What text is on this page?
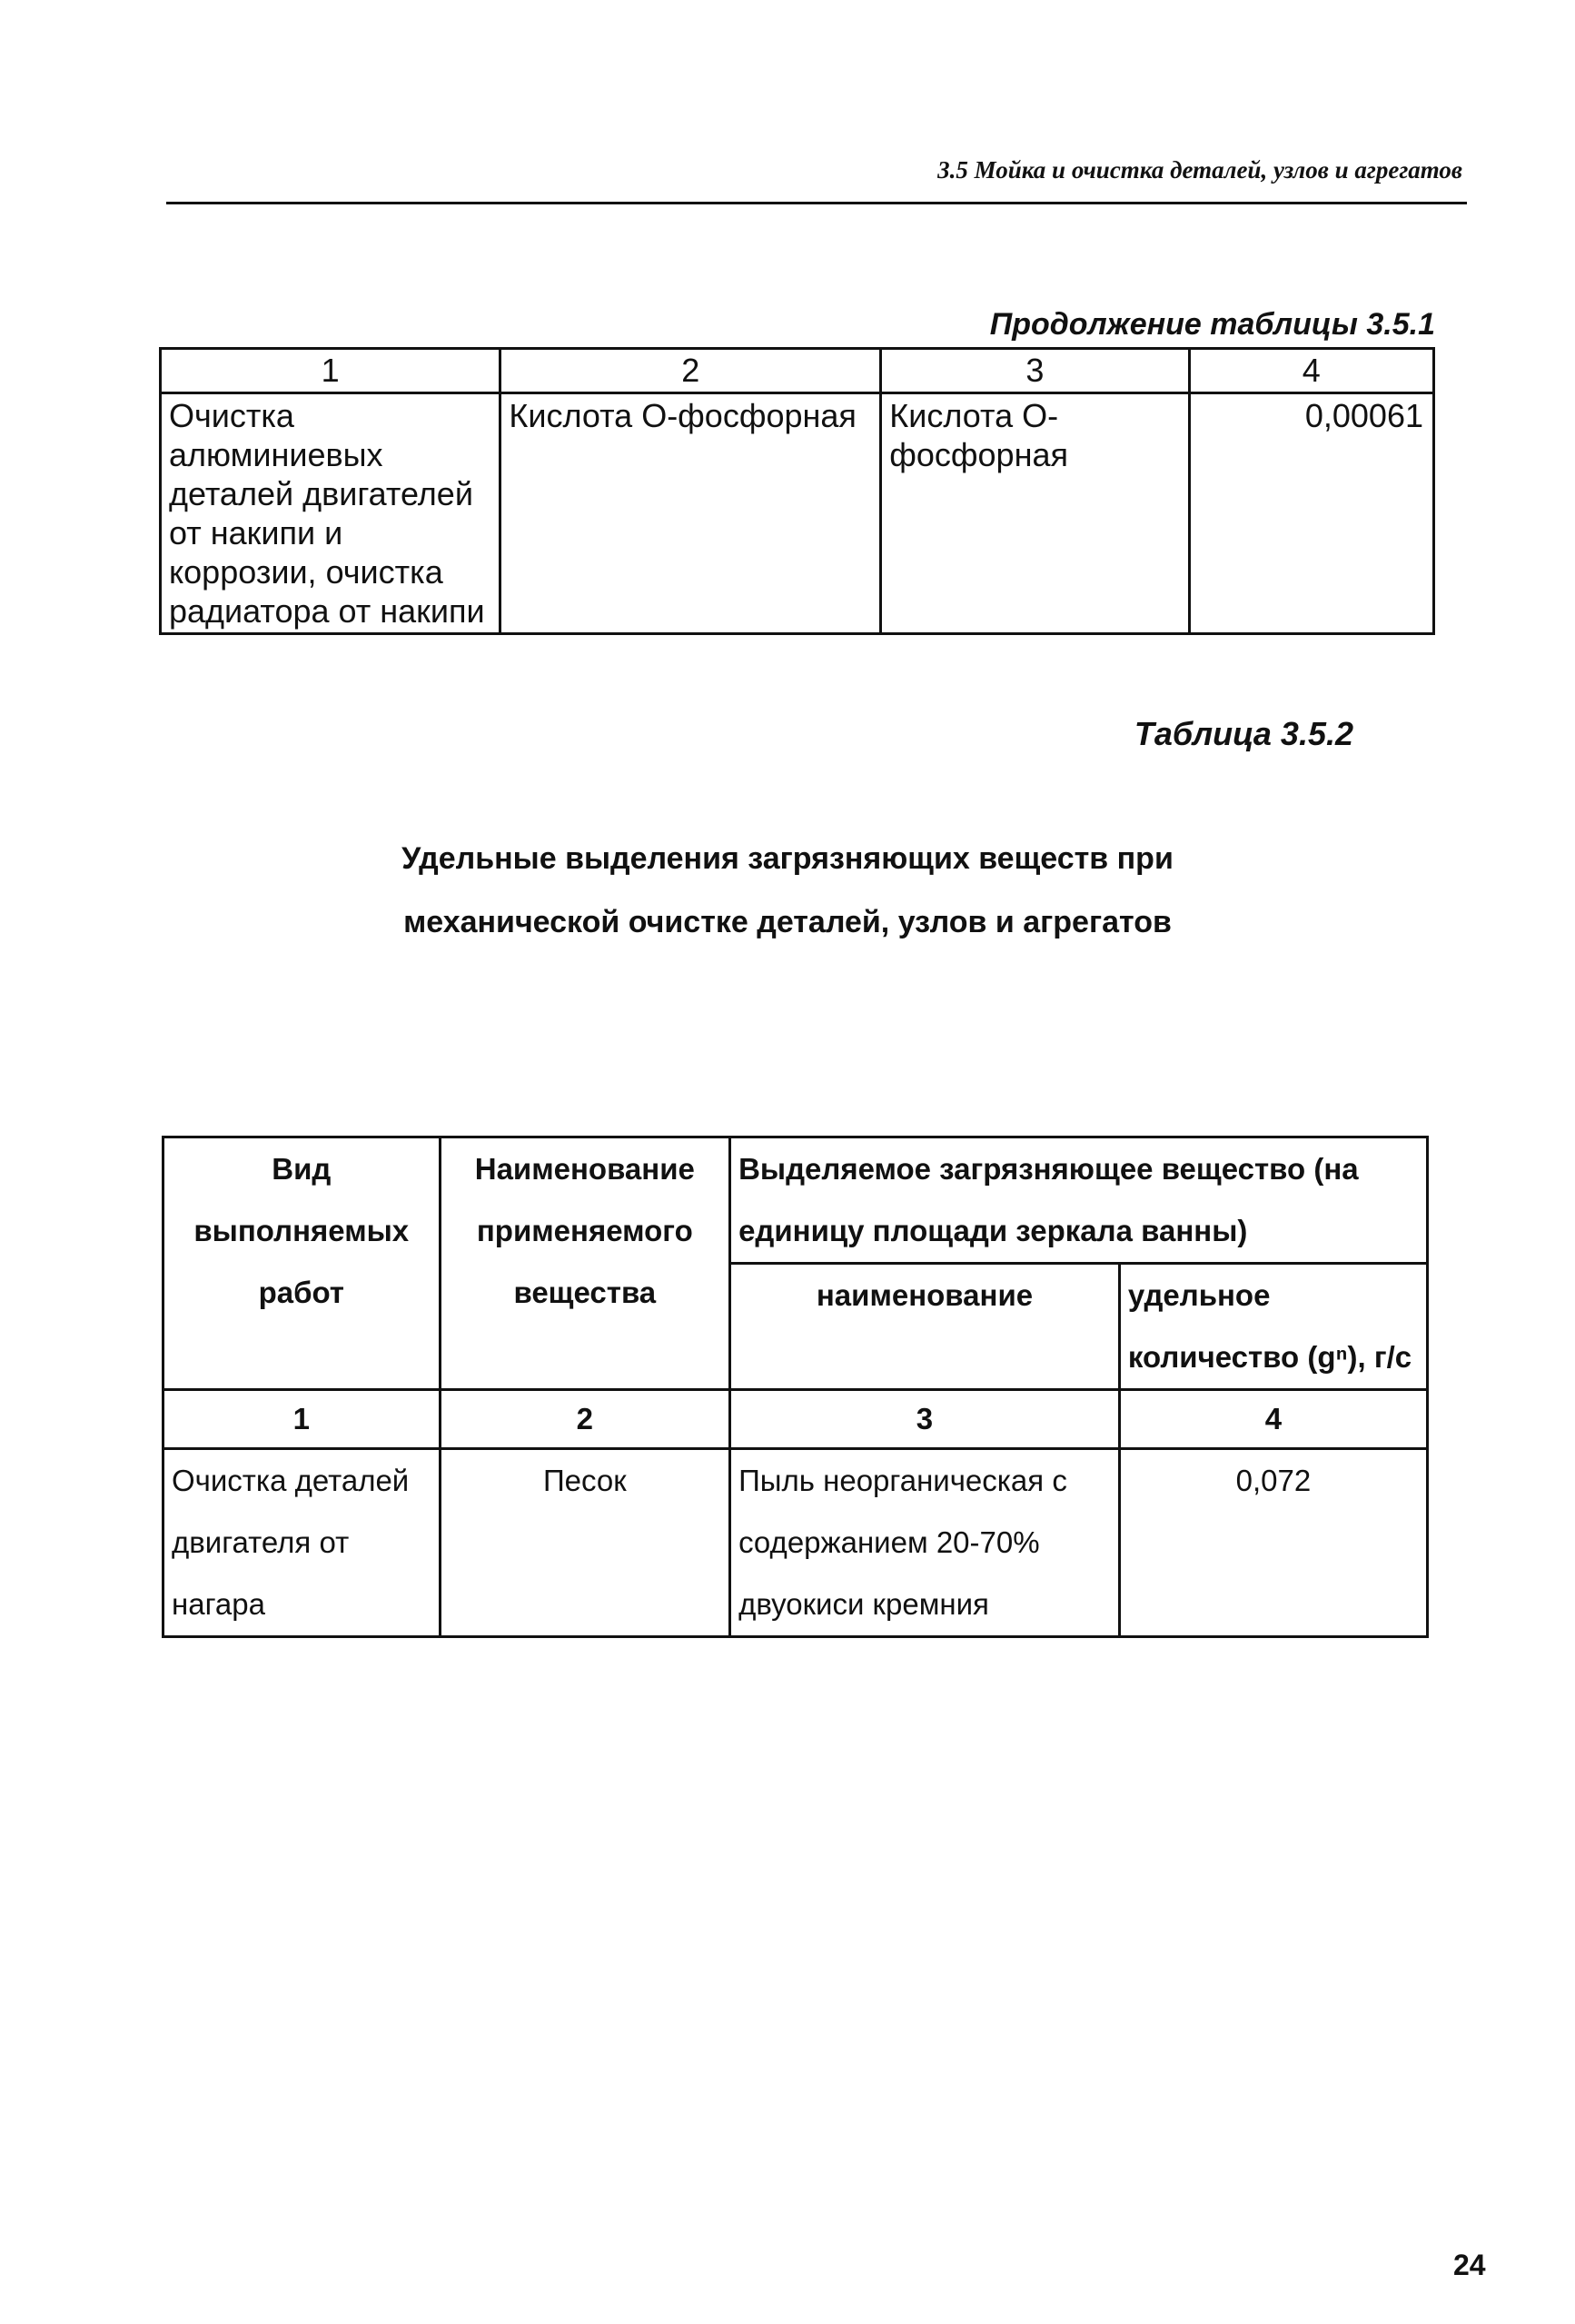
3.5 Мойка и очистка деталей, узлов и агрегатов
Продолжение таблицы 3.5.1
1	2	3	4
Очистка алюминиевых деталей двигателей от накипи и коррозии, очистка радиатора от накипи	Кислота О-фосфорная	Кислота О- фосфорная	0,00061
Таблица 3.5.2
Удельные выделения загрязняющих веществ при
механической очистке деталей, узлов и агрегатов
Вид выполняемых работ	Наименование применяемого вещества	Выделяемое загрязняющее вещество (на единицу площади зеркала ванны)	
		наименование	удельное количество (gⁿ), г/с
1	2	3	4
Очистка деталей двигателя от нагара	Песок	Пыль неорганическая с содержанием 20-70% двуокиси кремния	0,072
24
